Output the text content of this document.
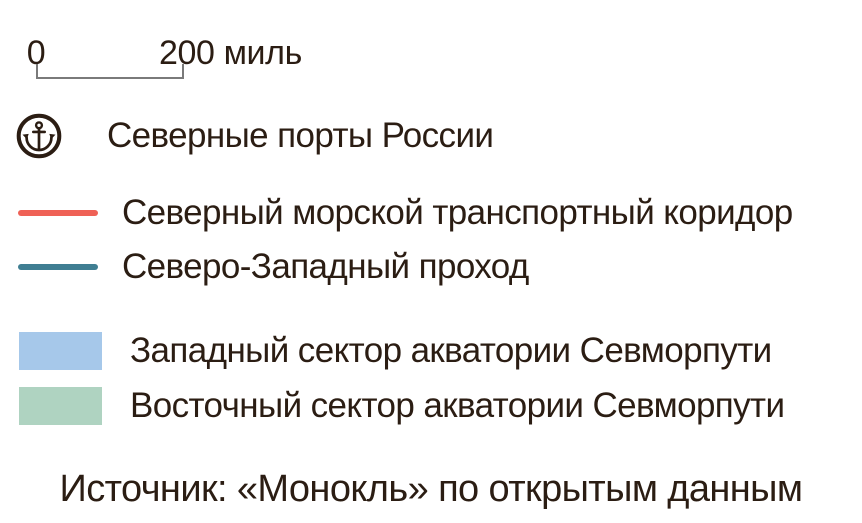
0	200 миль
Северные порты России
Северный морской транспортный коридор
Северо-Западный проход
Западный сектор акватории Севморпути
Восточный сектор акватории Севморпути
Источник: «Монокль» по открытым данным
